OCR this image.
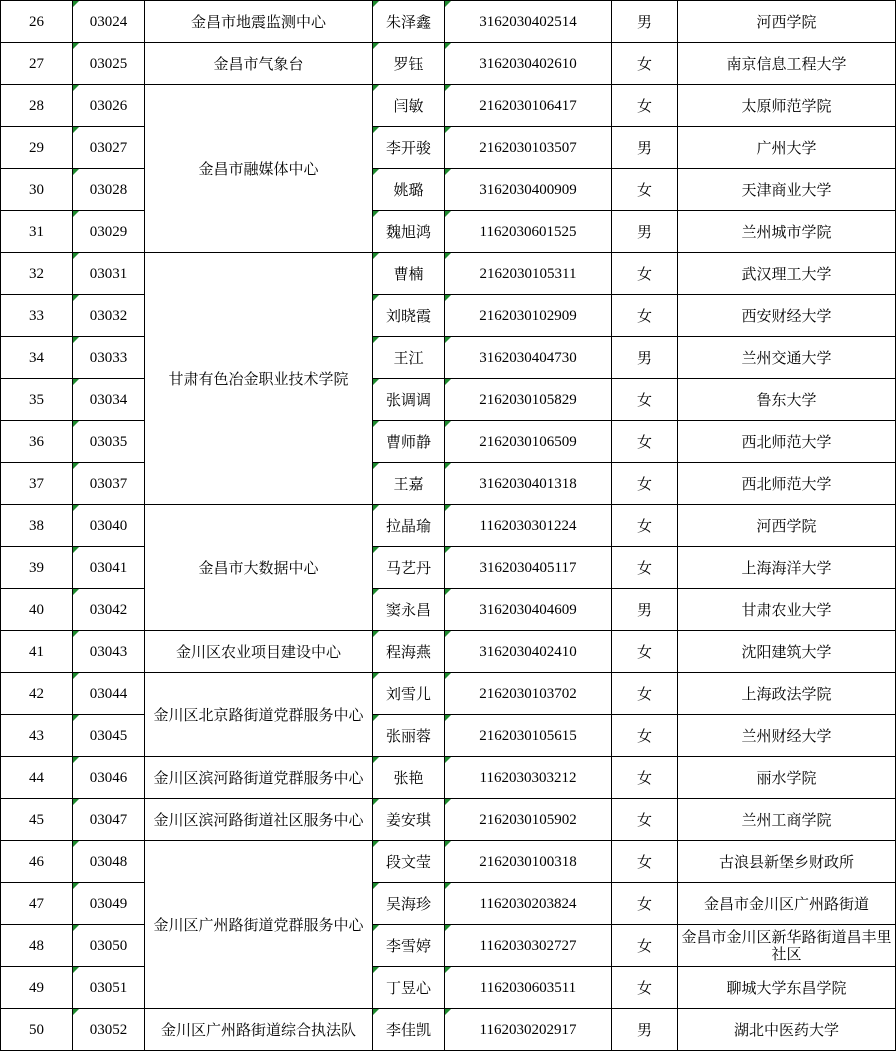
26	03024	金昌市地震监测中心	朱泽鑫	3162030402514	男	河西学院
27	03025	金昌市气象台	罗钰	3162030402610	女	南京信息工程大学
28	03026	金昌市融媒体中心	闫敏	2162030106417	女	太原师范学院
29	03027		李开骏	2162030103507	男	广州大学
30	03028		姚璐	3162030400909	女	天津商业大学
31	03029		魏旭鸿	1162030601525	男	兰州城市学院
32	03031	甘肃有色冶金职业技术学院	曹楠	2162030105311	女	武汉理工大学
33	03032		刘晓霞	2162030102909	女	西安财经大学
34	03033		王江	3162030404730	男	兰州交通大学
35	03034		张调调	2162030105829	女	鲁东大学
36	03035		曹师静	2162030106509	女	西北师范大学
37	03037		王嘉	3162030401318	女	西北师范大学
38	03040	金昌市大数据中心	拉晶瑜	1162030301224	女	河西学院
39	03041		马艺丹	3162030405117	女	上海海洋大学
40	03042		窦永昌	3162030404609	男	甘肃农业大学
41	03043	金川区农业项目建设中心	程海燕	3162030402410	女	沈阳建筑大学
42	03044	金川区北京路街道党群服务中心	刘雪儿	2162030103702	女	上海政法学院
43	03045		张丽蓉	2162030105615	女	兰州财经大学
44	03046	金川区滨河路街道党群服务中心	张艳	1162030303212	女	丽水学院
45	03047	金川区滨河路街道社区服务中心	姜安琪	2162030105902	女	兰州工商学院
46	03048	金川区广州路街道党群服务中心	段文莹	2162030100318	女	古浪县新堡乡财政所
47	03049		吴海珍	1162030203824	女	金昌市金川区广州路街道
48	03050		李雪婷	1162030302727	女	金昌市金川区新华路街道昌丰里社区
49	03051		丁昱心	1162030603511	女	聊城大学东昌学院
50	03052	金川区广州路街道综合执法队	李佳凯	1162030202917	男	湖北中医药大学
